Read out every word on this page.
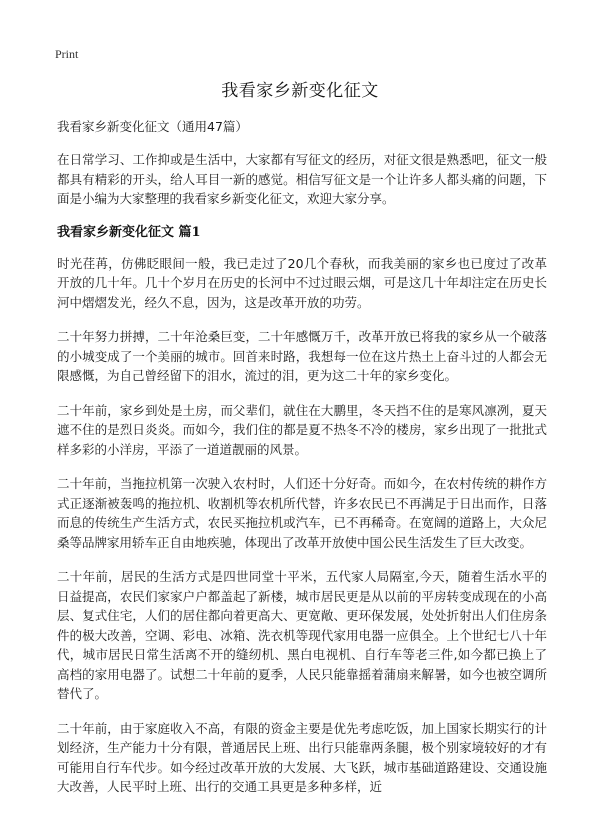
Print
我看家乡新变化征文

我看家乡新变化征文（通用47篇）

在日常学习、工作抑或是生活中，大家都有写征文的经历，对征文很是熟悉吧，征文一般都具有精彩的开头，给人耳目一新的感觉。相信写征文是一个让许多人都头痛的问题，下面是小编为大家整理的我看家乡新变化征文，欢迎大家分享。

我看家乡新变化征文 篇1

时光荏苒，仿佛眨眼间一般，我已走过了20几个春秋，而我美丽的家乡也已度过了改革开放的几十年。几十个岁月在历史的长河中不过过眼云烟，可是这几十年却注定在历史长河中熠熠发光，经久不息，因为，这是改革开放的功劳。

二十年努力拼搏，二十年沧桑巨变，二十年感慨万千，改革开放已将我的家乡从一个破落的小城变成了一个美丽的城市。回首来时路，我想每一位在这片热土上奋斗过的人都会无限感慨，为自己曾经留下的泪水，流过的泪，更为这二十年的家乡变化。

二十年前，家乡到处是土房，而父辈们，就住在大鹏里，冬天挡不住的是寒风凛冽，夏天遮不住的是烈日炎炎。而如今，我们住的都是夏不热冬不冷的楼房，家乡出现了一批批式样多彩的小洋房，平添了一道道靓丽的风景。

二十年前，当拖拉机第一次驶入农村时，人们还十分好奇。而如今，在农村传统的耕作方式正逐渐被轰鸣的拖拉机、收割机等农机所代替，许多农民已不再满足于日出而作，日落而息的传统生产生活方式，农民买拖拉机或汽车，已不再稀奇。在宽阔的道路上，大众尼桑等品牌家用轿车正自由地疾驰，体现出了改革开放使中国公民生活发生了巨大改变。

二十年前，居民的生活方式是四世同堂十平米，五代家人局隔室,今天，随着生活水平的日益提高，农民们家家户户都盖起了新楼，城市居民更是从以前的平房转变成现在的小高层、复式住宅，人们的居住都向着更高大、更宽敞、更环保发展，处处折射出人们住房条件的极大改善，空调、彩电、冰箱、洗衣机等现代家用电器一应俱全。上个世纪七八十年代，城市居民日常生活离不开的缝纫机、黑白电视机、自行车等老三件,如今都已换上了高档的家用电器了。试想二十年前的夏季，人民只能靠摇着蒲扇来解暑，如今也被空调所替代了。

二十年前，由于家庭收入不高，有限的资金主要是优先考虑吃饭，加上国家长期实行的计划经济，生产能力十分有限，普通居民上班、出行只能靠两条腿，极个别家境较好的才有可能用自行车代步。如今经过改革开放的大发展、大飞跃，城市基础道路建设、交通设施大改善，人民平时上班、出行的交通工具更是多种多样，近
